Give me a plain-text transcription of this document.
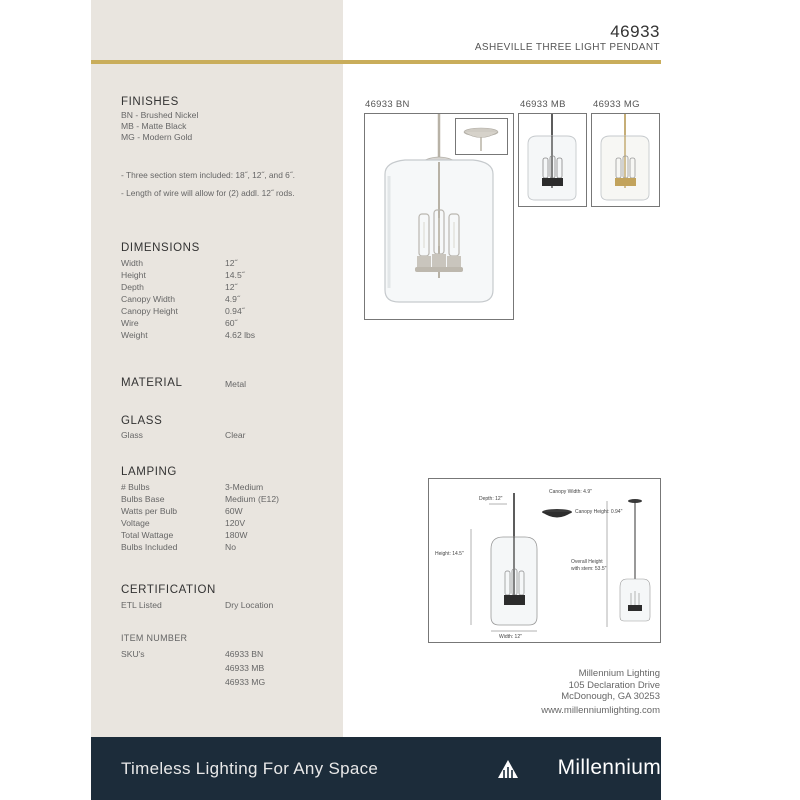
46933
ASHEVILLE THREE LIGHT PENDANT
FINISHES
BN - Brushed Nickel
MB - Matte Black
MG - Modern Gold
- Three section stem included: 18˝, 12˝, and 6˝.
- Length of wire will allow for (2) addl. 12˝ rods.
DIMENSIONS
Width	12˝
Height	14.5˝
Depth	12˝
Canopy Width	4.9˝
Canopy Height	0.94˝
Wire	60˝
Weight	4.62 lbs
MATERIAL	Metal
GLASS
Glass	Clear
LAMPING
# Bulbs	3-Medium
Bulbs Base	Medium (E12)
Watts per Bulb	60W
Voltage	120V
Total Wattage	180W
Bulbs Included	No
CERTIFICATION
ETL Listed	Dry Location
ITEM NUMBER
SKU's	46933 BN
46933 MB
46933 MG
46933 BN	46933 MB	46933 MG
Depth: 12"
Height: 14.5"
Width: 12"
Canopy Width: 4.9"
Canopy Height: 0.94"
Overall Height
with stem: 53.5"
Millennium Lighting
105 Declaration Drive
McDonough, GA 30253
www.millenniumlighting.com
Timeless Lighting For Any Space	Millennium
